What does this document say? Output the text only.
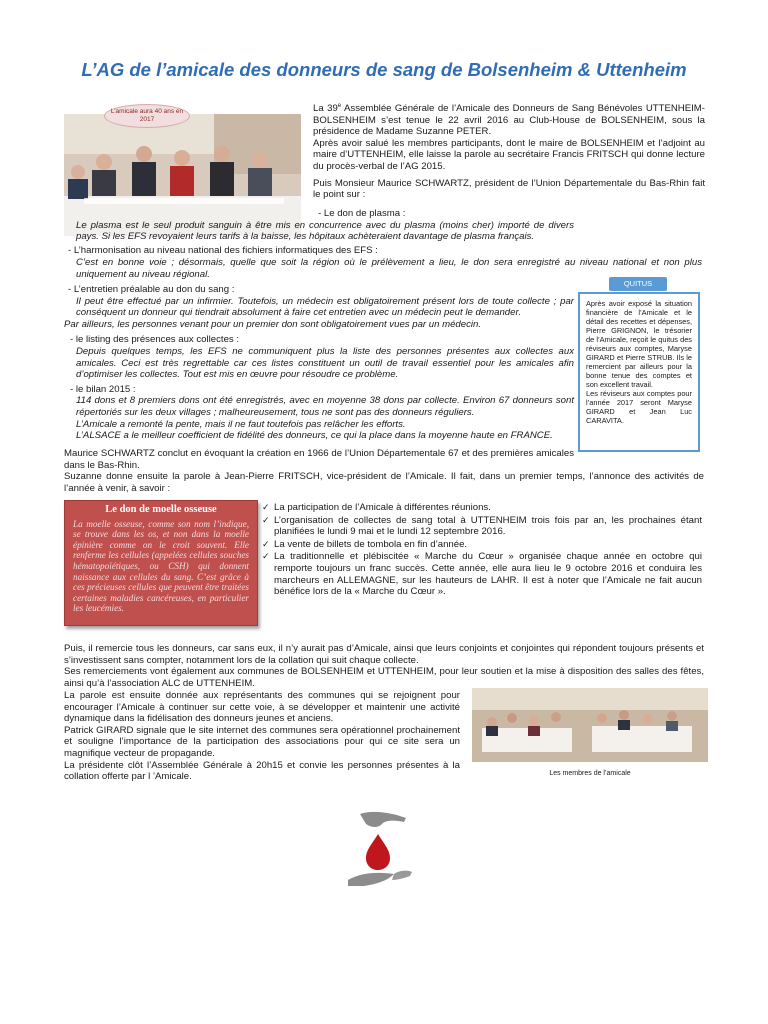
L’AG de l’amicale des donneurs de sang de Bolsenheim & Uttenheim
L’amicale aura 40 ans en 2017

La 39e Assemblée Générale de l’Amicale des Donneurs de Sang Bénévoles UTTENHEIM-BOLSENHEIM s’est tenue le 22 avril 2016 au Club-House de BOLSENHEIM, sous la présidence de Madame Suzanne PETER.

Après avoir salué les membres participants, dont le maire de BOLSENHEIM et l’adjoint au maire d’UTTENHEIM, elle laisse la parole au secrétaire Francis FRITSCH qui donne lecture du procès-verbal de l’AG 2015.

Puis Monsieur Maurice SCHWARTZ, président de l’Union Départementale du Bas-Rhin fait le point sur :

- Le don de plasma :

Le plasma est le seul produit sanguin à être mis en concurrence avec du plasma (moins cher) importé de divers pays. Si les EFS revoyaient leurs tarifs à la baisse, les hôpitaux achèteraient davantage de plasma français.

- L’harmonisation au niveau national des fichiers informatiques des EFS :

C’est en bonne voie ; désormais, quelle que soit la région où le prélèvement a lieu, le don sera enregistré au niveau national et non plus uniquement au niveau régional.

- L’entretien préalable au don du sang :

Il peut être effectué par un infirmier. Toutefois, un médecin est obligatoirement présent lors de toute collecte ; par conséquent un donneur qui tiendrait absolument à faire cet entretien avec un médecin peut le demander.

Par ailleurs, les personnes venant pour un premier don sont obligatoirement vues par un médecin.

- le listing des présences aux collectes :

Depuis quelques temps, les EFS ne communiquent plus la liste des personnes présentes aux collectes aux amicales. Ceci est très regrettable car ces listes constituent un outil de travail essentiel pour les amicales afin d’optimiser les collectes. Tout est mis en œuvre pour résoudre ce problème.

- le bilan 2015 :

114 dons et 8 premiers dons ont été enregistrés, avec en moyenne 38 dons par collecte. Environ 67 donneurs sont répertoriés sur les deux villages ; malheureusement, tous ne sont pas des donneurs réguliers.

L’Amicale a remonté la pente, mais il ne faut toutefois pas relâcher les efforts.

L’ALSACE a le meilleur coefficient de fidélité des donneurs, ce qui la place dans la moyenne haute en FRANCE.

Maurice SCHWARTZ conclut en évoquant la création en 1966 de l’Union Départementale 67 et des premières amicales dans le Bas-Rhin.

Suzanne donne ensuite la parole à Jean-Pierre FRITSCH, vice-président de l’Amicale. Il fait, dans un premier temps, l’annonce des activités de l’année à venir, à savoir :

QUITUS
Après avoir exposé la situation financière de l’Amicale et le détail des recettes et dépenses, Pierre GRIGNON, le trésorier de l’Amicale, reçoit le quitus des réviseurs aux comptes, Maryse GIRARD et Pierre STRUB. Ils le remercient par ailleurs pour la bonne tenue des comptes et son excellent travail.
Les réviseurs aux comptes pour l’année 2017 seront Maryse GIRARD et Jean Luc CARAVITA.
Le don de moelle osseuse
La moelle osseuse, comme son nom l’indique, se trouve dans les os, et non dans la moelle épinière comme on le croit souvent. Elle renferme les cellules (appelées cellules souches hématopoïétiques, ou CSH) qui donnent naissance aux cellules du sang. C’est grâce à ces précieuses cellules que peuvent être traitées certaines maladies cancéreuses, en particulier les leucémies.
✓ La participation de l’Amicale à différentes réunions.
✓ L’organisation de collectes de sang total à UTTENHEIM trois fois par an, les prochaines étant planifiées le lundi 9 mai et le lundi 12 septembre 2016.
✓ La vente de billets de tombola en fin d’année.
✓ La traditionnelle et plébiscitée « Marche du Cœur » organisée chaque année en octobre qui remporte toujours un franc succès. Cette année, elle aura lieu le 9 octobre 2016 et conduira les marcheurs en ALLEMAGNE, sur les hauteurs de LAHR. Il est à noter que l’Amicale ne fait aucun bénéfice lors de la « Marche du Cœur ».

Puis, il remercie tous les donneurs, car sans eux, il n’y aurait pas d’Amicale, ainsi que leurs conjoints et conjointes qui répondent toujours présents et s’investissent sans compter, notamment lors de la collation qui suit chaque collecte.

Ses remerciements vont également aux communes de BOLSENHEIM et UTTENHEIM, pour leur soutien et la mise à disposition des salles des fêtes, ainsi qu’à l’association ALC de UTTENHEIM.

La parole est ensuite donnée aux représentants des communes qui se rejoignent pour encourager l’Amicale à continuer sur cette voie, à se développer et maintenir une activité dynamique dans la fidélisation des donneurs jeunes et anciens.

Patrick GIRARD signale que le site internet des communes sera opérationnel prochainement et souligne l’importance de la participation des associations pour qui ce site sera un magnifique vecteur de propagande.

La présidente clôt l’Assemblée Générale à 20h15 et convie les personnes présentes à la collation offerte par l ’Amicale.	Les membres de l’amicale
